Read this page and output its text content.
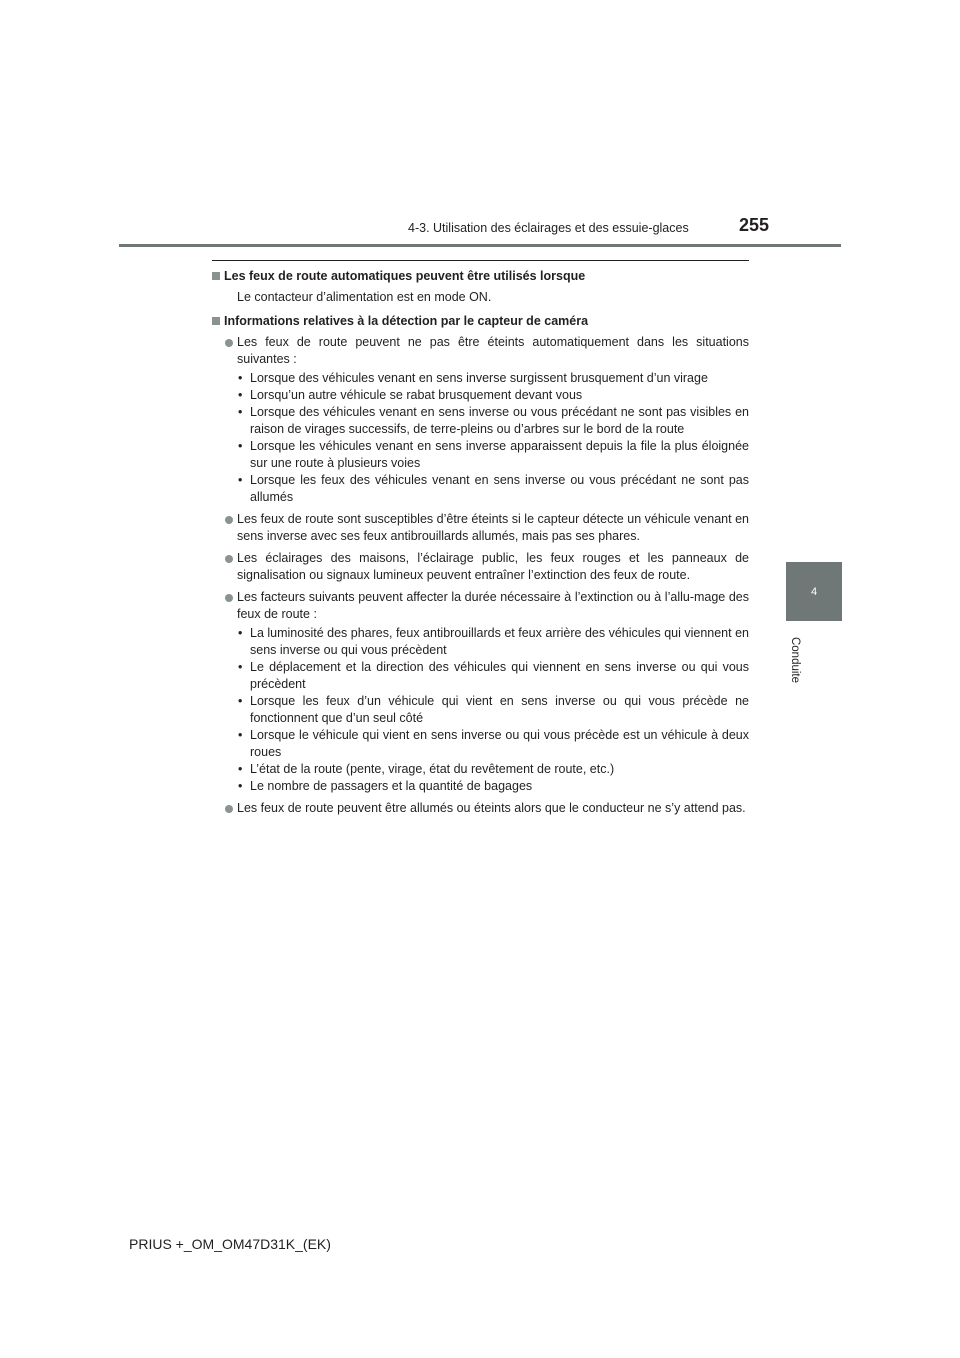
4-3. Utilisation des éclairages et des essuie-glaces	255
4
Conduite
Les feux de route automatiques peuvent être utilisés lorsque

Le contacteur d’alimentation est en mode ON.

Informations relatives à la détection par le capteur de caméra
Les feux de route peuvent ne pas être éteints automatiquement dans les situations suivantes :
• Lorsque des véhicules venant en sens inverse surgissent brusquement d’un virage
• Lorsqu’un autre véhicule se rabat brusquement devant vous
• Lorsque des véhicules venant en sens inverse ou vous précédant ne sont pas visibles en raison de virages successifs, de terre-pleins ou d’arbres sur le bord de la route
• Lorsque les véhicules venant en sens inverse apparaissent depuis la file la plus éloignée sur une route à plusieurs voies
• Lorsque les feux des véhicules venant en sens inverse ou vous précédant ne sont pas allumés
Les feux de route sont susceptibles d’être éteints si le capteur détecte un véhicule venant en sens inverse avec ses feux antibrouillards allumés, mais pas ses phares.
Les éclairages des maisons, l’éclairage public, les feux rouges et les panneaux de signalisation ou signaux lumineux peuvent entraîner l’extinction des feux de route.
Les facteurs suivants peuvent affecter la durée nécessaire à l’extinction ou à l’allu-mage des feux de route :
• La luminosité des phares, feux antibrouillards et feux arrière des véhicules qui viennent en sens inverse ou qui vous précèdent
• Le déplacement et la direction des véhicules qui viennent en sens inverse ou qui vous précèdent
• Lorsque les feux d’un véhicule qui vient en sens inverse ou qui vous précède ne fonctionnent que d’un seul côté
• Lorsque le véhicule qui vient en sens inverse ou qui vous précède est un véhicule à deux roues
• L’état de la route (pente, virage, état du revêtement de route, etc.)
• Le nombre de passagers et la quantité de bagages
Les feux de route peuvent être allumés ou éteints alors que le conducteur ne s’y attend pas.
PRIUS +_OM_OM47D31K_(EK)
